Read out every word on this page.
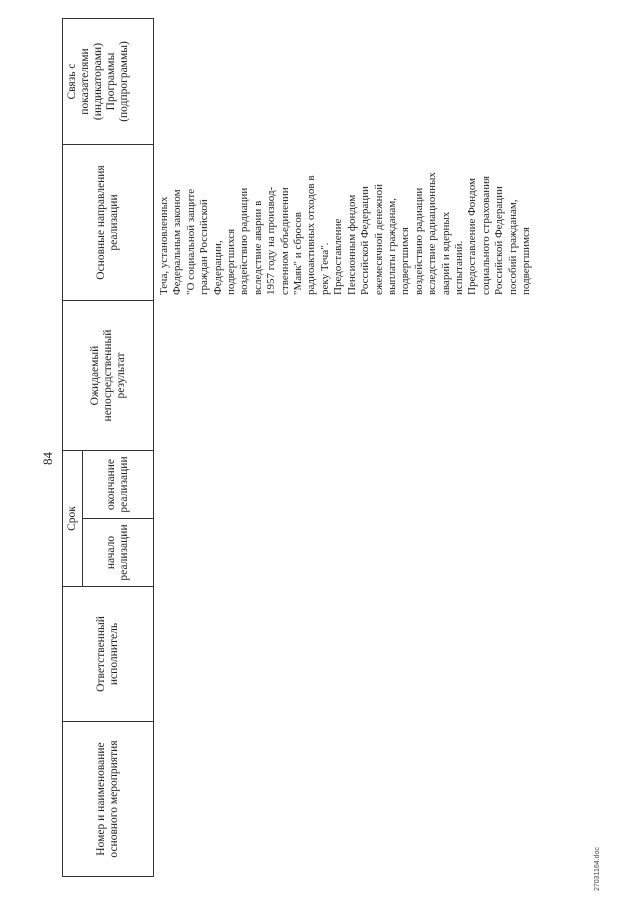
84
Номер и наименование
основного мероприятия
Ответственный
исполнитель
Срок
начало
реализации
окончание
реализации
Ожидаемый
непосредственный
результат
Основные направления
реализации
Связь с
показателями
(индикаторами)
Программы
(подпрограммы)
Теча, установленных
Федеральным законом
"О социальной защите
граждан Российской
Федерации,
подвергшихся
воздействию радиации
вследствие аварии в
1957 году на производ-
ственном объединении
"Маяк" и сбросов
радиоактивных отходов в
реку Теча".
Предоставление
Пенсионным фондом
Российской Федерации
ежемесячной денежной
выплаты гражданам,
подвергшимся
воздействию радиации
вследствие радиационных
аварий и ядерных
испытаний.
Предоставление Фондом
социального страхования
Российской Федерации
пособий гражданам,
подвергшимся
27031164.doc
